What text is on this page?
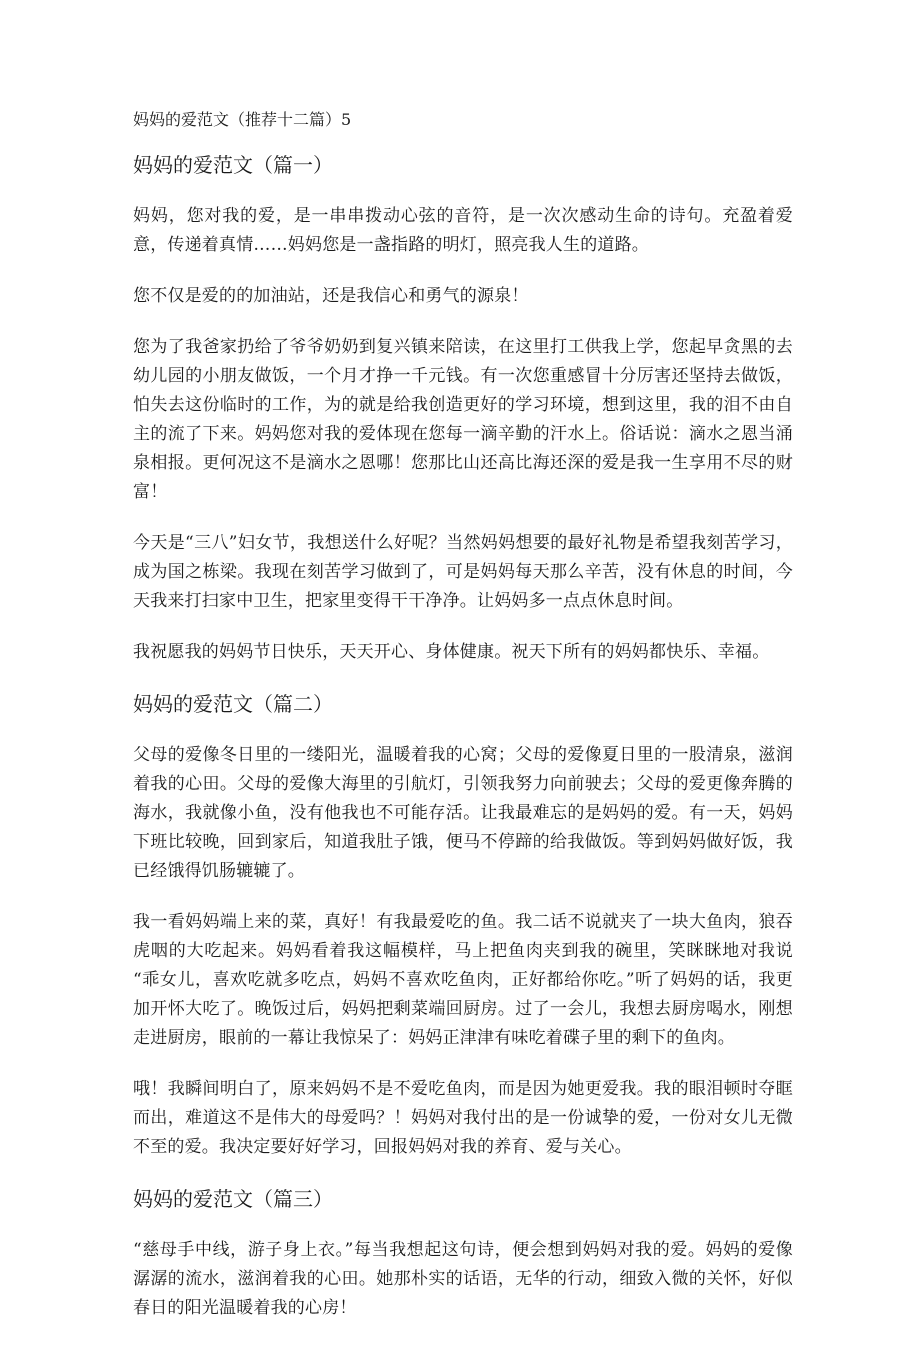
妈妈的爱范文（推荐十二篇）5
妈妈的爱范文（篇一）

妈妈，您对我的爱，是一串串拨动心弦的音符，是一次次感动生命的诗句。充盈着爱意，传递着真情……妈妈您是一盏指路的明灯，照亮我人生的道路。

您不仅是爱的的加油站，还是我信心和勇气的源泉！

您为了我爸家扔给了爷爷奶奶到复兴镇来陪读，在这里打工供我上学，您起早贪黑的去幼儿园的小朋友做饭，一个月才挣一千元钱。有一次您重感冒十分厉害还坚持去做饭，怕失去这份临时的工作，为的就是给我创造更好的学习环境，想到这里，我的泪不由自主的流了下来。妈妈您对我的爱体现在您每一滴辛勤的汗水上。俗话说：滴水之恩当涌泉相报。更何况这不是滴水之恩哪！您那比山还高比海还深的爱是我一生享用不尽的财富！

今天是“三八”妇女节，我想送什么好呢？当然妈妈想要的最好礼物是希望我刻苦学习，成为国之栋梁。我现在刻苦学习做到了，可是妈妈每天那么辛苦，没有休息的时间，今天我来打扫家中卫生，把家里变得干干净净。让妈妈多一点点休息时间。

我祝愿我的妈妈节日快乐，天天开心、身体健康。祝天下所有的妈妈都快乐、幸福。

妈妈的爱范文（篇二）

父母的爱像冬日里的一缕阳光，温暖着我的心窝；父母的爱像夏日里的一股清泉，滋润着我的心田。父母的爱像大海里的引航灯，引领我努力向前驶去；父母的爱更像奔腾的海水，我就像小鱼，没有他我也不可能存活。让我最难忘的是妈妈的爱。有一天，妈妈下班比较晚，回到家后，知道我肚子饿，便马不停蹄的给我做饭。等到妈妈做好饭，我已经饿得饥肠辘辘了。

我一看妈妈端上来的菜，真好！有我最爱吃的鱼。我二话不说就夹了一块大鱼肉，狼吞虎咽的大吃起来。妈妈看着我这幅模样，马上把鱼肉夹到我的碗里，笑眯眯地对我说 “乖女儿，喜欢吃就多吃点，妈妈不喜欢吃鱼肉，正好都给你吃。”听了妈妈的话，我更加开怀大吃了。晚饭过后，妈妈把剩菜端回厨房。过了一会儿，我想去厨房喝水，刚想走进厨房，眼前的一幕让我惊呆了：妈妈正津津有味吃着碟子里的剩下的鱼肉。

哦！我瞬间明白了，原来妈妈不是不爱吃鱼肉，而是因为她更爱我。我的眼泪顿时夺眶而出，难道这不是伟大的母爱吗？！妈妈对我付出的是一份诚挚的爱，一份对女儿无微不至的爱。我决定要好好学习，回报妈妈对我的养育、爱与关心。

妈妈的爱范文（篇三）

“慈母手中线，游子身上衣。”每当我想起这句诗，便会想到妈妈对我的爱。妈妈的爱像潺潺的流水，滋润着我的心田。她那朴实的话语，无华的行动，细致入微的关怀，好似春日的阳光温暖着我的心房！
